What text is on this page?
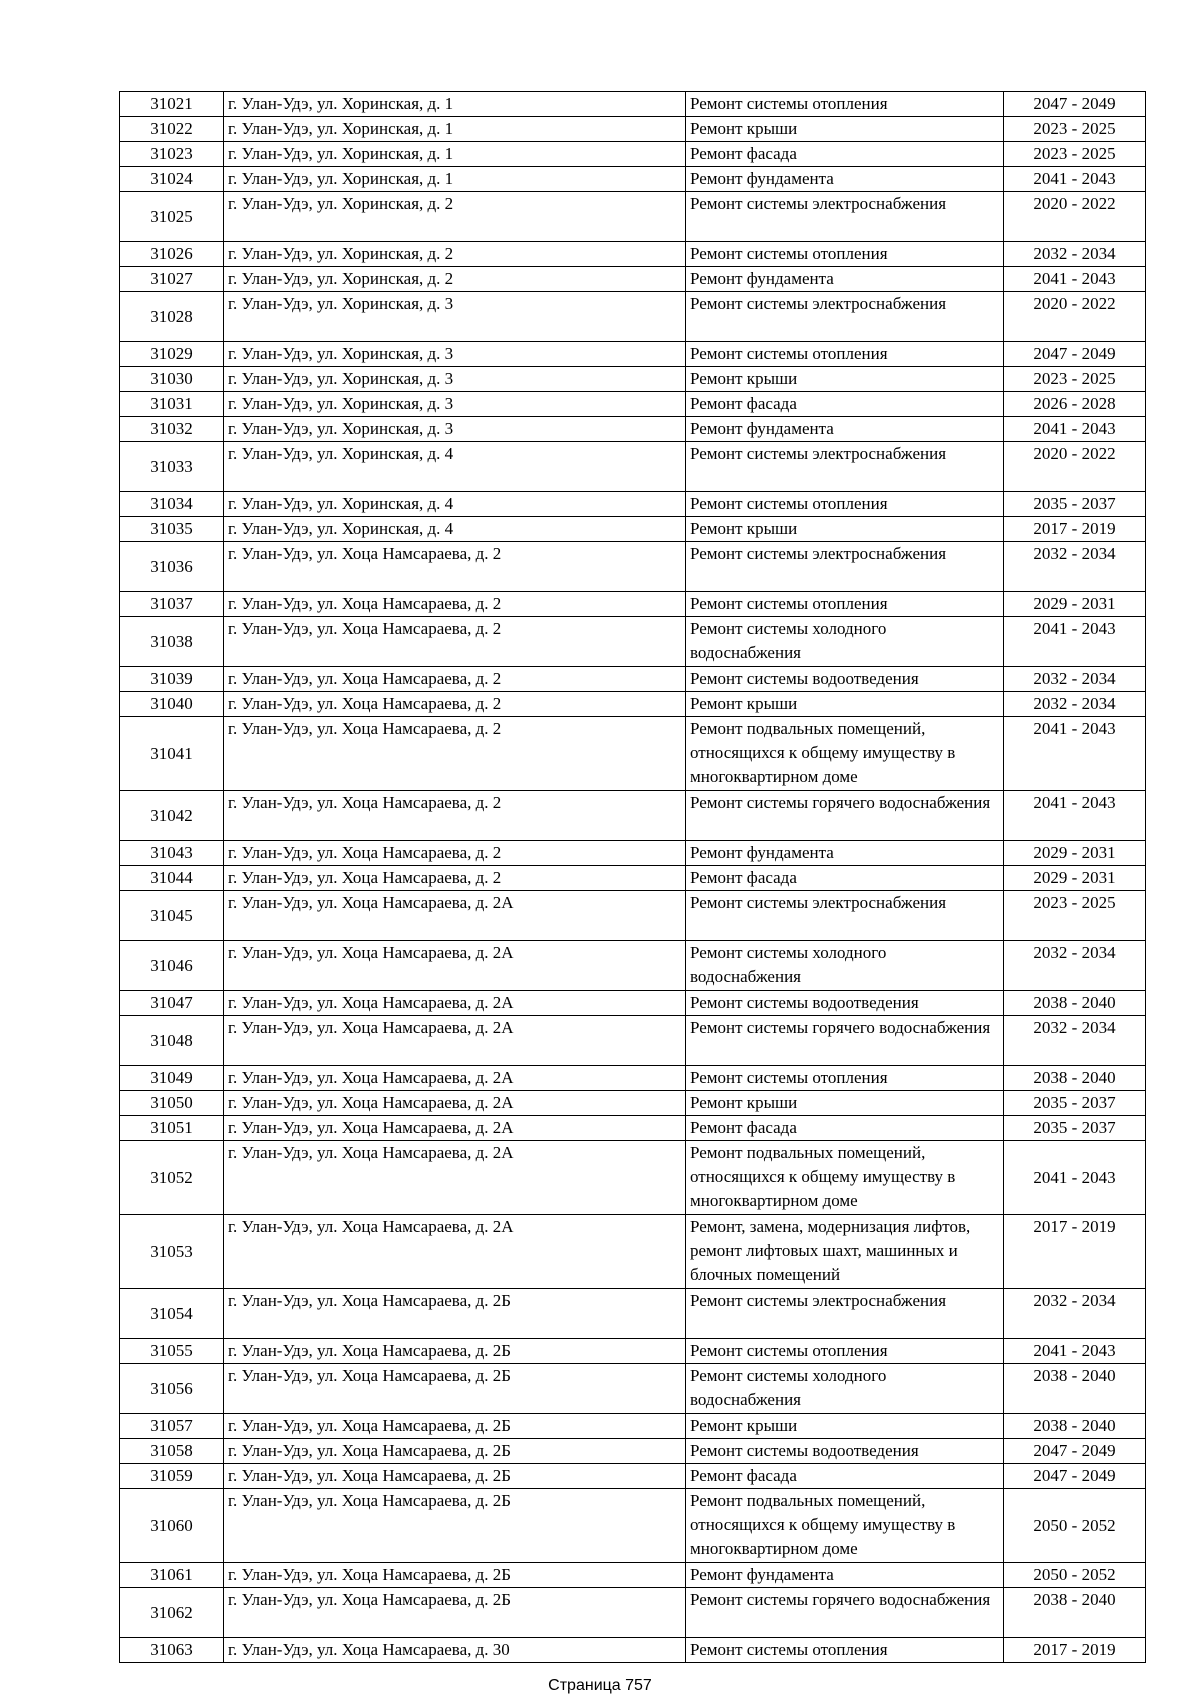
31021	г. Улан-Удэ, ул. Хоринская, д. 1	Ремонт системы отопления	2047 - 2049
31022	г. Улан-Удэ, ул. Хоринская, д. 1	Ремонт крыши	2023 - 2025
31023	г. Улан-Удэ, ул. Хоринская, д. 1	Ремонт фасада	2023 - 2025
31024	г. Улан-Удэ, ул. Хоринская, д. 1	Ремонт фундамента	2041 - 2043
31025	г. Улан-Удэ, ул. Хоринская, д. 2	Ремонт системы электроснабжения	2020 - 2022
31026	г. Улан-Удэ, ул. Хоринская, д. 2	Ремонт системы отопления	2032 - 2034
31027	г. Улан-Удэ, ул. Хоринская, д. 2	Ремонт фундамента	2041 - 2043
31028	г. Улан-Удэ, ул. Хоринская, д. 3	Ремонт системы электроснабжения	2020 - 2022
31029	г. Улан-Удэ, ул. Хоринская, д. 3	Ремонт системы отопления	2047 - 2049
31030	г. Улан-Удэ, ул. Хоринская, д. 3	Ремонт крыши	2023 - 2025
31031	г. Улан-Удэ, ул. Хоринская, д. 3	Ремонт фасада	2026 - 2028
31032	г. Улан-Удэ, ул. Хоринская, д. 3	Ремонт фундамента	2041 - 2043
31033	г. Улан-Удэ, ул. Хоринская, д. 4	Ремонт системы электроснабжения	2020 - 2022
31034	г. Улан-Удэ, ул. Хоринская, д. 4	Ремонт системы отопления	2035 - 2037
31035	г. Улан-Удэ, ул. Хоринская, д. 4	Ремонт крыши	2017 - 2019
31036	г. Улан-Удэ, ул. Хоца Намсараева, д. 2	Ремонт системы электроснабжения	2032 - 2034
31037	г. Улан-Удэ, ул. Хоца Намсараева, д. 2	Ремонт системы отопления	2029 - 2031
31038	г. Улан-Удэ, ул. Хоца Намсараева, д. 2	Ремонт системы холодного водоснабжения	2041 - 2043
31039	г. Улан-Удэ, ул. Хоца Намсараева, д. 2	Ремонт системы водоотведения	2032 - 2034
31040	г. Улан-Удэ, ул. Хоца Намсараева, д. 2	Ремонт крыши	2032 - 2034
31041	г. Улан-Удэ, ул. Хоца Намсараева, д. 2	Ремонт подвальных помещений, относящихся к общему имуществу в многоквартирном доме	2041 - 2043
31042	г. Улан-Удэ, ул. Хоца Намсараева, д. 2	Ремонт системы горячего водоснабжения	2041 - 2043
31043	г. Улан-Удэ, ул. Хоца Намсараева, д. 2	Ремонт фундамента	2029 - 2031
31044	г. Улан-Удэ, ул. Хоца Намсараева, д. 2	Ремонт фасада	2029 - 2031
31045	г. Улан-Удэ, ул. Хоца Намсараева, д. 2А	Ремонт системы электроснабжения	2023 - 2025
31046	г. Улан-Удэ, ул. Хоца Намсараева, д. 2А	Ремонт системы холодного водоснабжения	2032 - 2034
31047	г. Улан-Удэ, ул. Хоца Намсараева, д. 2А	Ремонт системы водоотведения	2038 - 2040
31048	г. Улан-Удэ, ул. Хоца Намсараева, д. 2А	Ремонт системы горячего водоснабжения	2032 - 2034
31049	г. Улан-Удэ, ул. Хоца Намсараева, д. 2А	Ремонт системы отопления	2038 - 2040
31050	г. Улан-Удэ, ул. Хоца Намсараева, д. 2А	Ремонт крыши	2035 - 2037
31051	г. Улан-Удэ, ул. Хоца Намсараева, д. 2А	Ремонт фасада	2035 - 2037
31052	г. Улан-Удэ, ул. Хоца Намсараева, д. 2А	Ремонт подвальных помещений, относящихся к общему имуществу в многоквартирном доме	2041 - 2043
31053	г. Улан-Удэ, ул. Хоца Намсараева, д. 2А	Ремонт, замена, модернизация лифтов, ремонт лифтовых шахт, машинных и блочных помещений	2017 - 2019
31054	г. Улан-Удэ, ул. Хоца Намсараева, д. 2Б	Ремонт системы электроснабжения	2032 - 2034
31055	г. Улан-Удэ, ул. Хоца Намсараева, д. 2Б	Ремонт системы отопления	2041 - 2043
31056	г. Улан-Удэ, ул. Хоца Намсараева, д. 2Б	Ремонт системы холодного водоснабжения	2038 - 2040
31057	г. Улан-Удэ, ул. Хоца Намсараева, д. 2Б	Ремонт крыши	2038 - 2040
31058	г. Улан-Удэ, ул. Хоца Намсараева, д. 2Б	Ремонт системы водоотведения	2047 - 2049
31059	г. Улан-Удэ, ул. Хоца Намсараева, д. 2Б	Ремонт фасада	2047 - 2049
31060	г. Улан-Удэ, ул. Хоца Намсараева, д. 2Б	Ремонт подвальных помещений, относящихся к общему имуществу в многоквартирном доме	2050 - 2052
31061	г. Улан-Удэ, ул. Хоца Намсараева, д. 2Б	Ремонт фундамента	2050 - 2052
31062	г. Улан-Удэ, ул. Хоца Намсараева, д. 2Б	Ремонт системы горячего водоснабжения	2038 - 2040
31063	г. Улан-Удэ, ул. Хоца Намсараева, д. 30	Ремонт системы отопления	2017 - 2019
Страница 757
